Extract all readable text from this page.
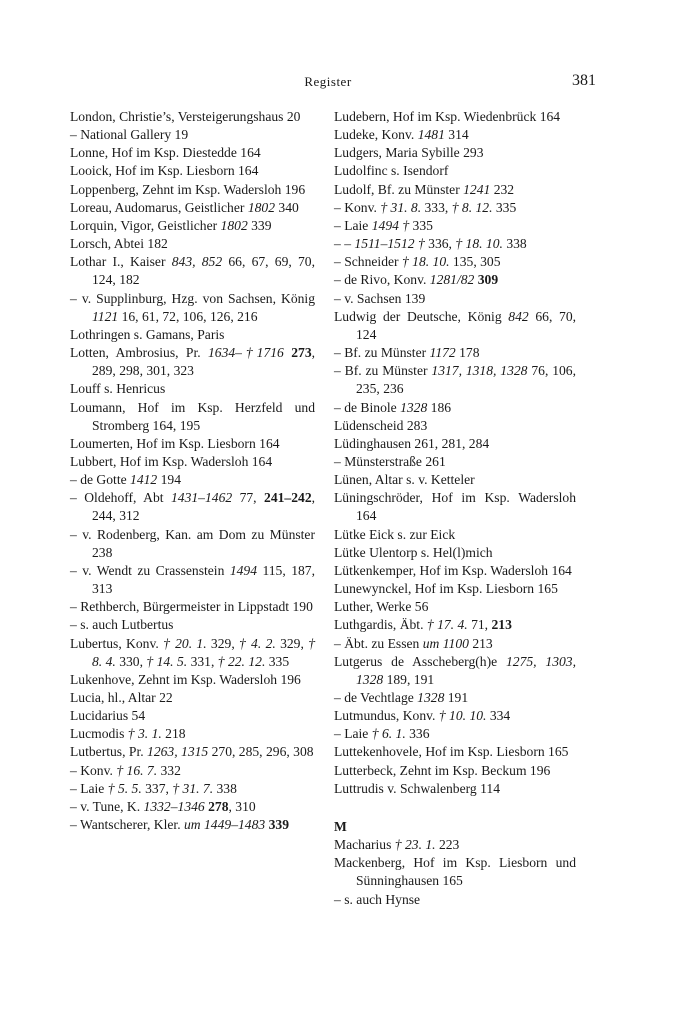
Register	381

London, Christie’s, Versteigerungshaus 20

– National Gallery 19

Lonne, Hof im Ksp. Diestedde 164

Looick, Hof im Ksp. Liesborn 164

Loppenberg, Zehnt im Ksp. Wadersloh 196

Loreau, Audomarus, Geistlicher 1802 340

Lorquin, Vigor, Geistlicher 1802 339

Lorsch, Abtei 182

Lothar I., Kaiser 843, 852 66, 67, 69, 70, 124, 182

– v. Supplinburg, Hzg. von Sachsen, König 1121 16, 61, 72, 106, 126, 216

Lothringen s. Gamans, Paris

Lotten, Ambrosius, Pr. 1634–†1716 273, 289, 298, 301, 323

Louff s. Henricus

Loumann, Hof im Ksp. Herzfeld und Stromberg 164, 195

Loumerten, Hof im Ksp. Liesborn 164

Lubbert, Hof im Ksp. Wadersloh 164

– de Gotte 1412 194

– Oldehoff, Abt 1431–1462 77, 241–242, 244, 312

– v. Rodenberg, Kan. am Dom zu Münster 238

– v. Wendt zu Crassenstein 1494 115, 187, 313

– Rethberch, Bürgermeister in Lippstadt 190

– s. auch Lutbertus

Lubertus, Konv. † 20. 1. 329, † 4. 2. 329, † 8. 4. 330, † 14. 5. 331, † 22. 12. 335

Lukenhove, Zehnt im Ksp. Wadersloh 196

Lucia, hl., Altar 22

Lucidarius 54

Lucmodis † 3. 1. 218

Lutbertus, Pr. 1263, 1315 270, 285, 296, 308

– Konv. † 16. 7. 332

– Laie † 5. 5. 337, † 31. 7. 338

– v. Tune, K. 1332–1346 278, 310

– Wantscherer, Kler. um 1449–1483 339

Ludebern, Hof im Ksp. Wiedenbrück 164

Ludeke, Konv. 1481 314

Ludgers, Maria Sybille 293

Ludolfinc s. Isendorf

Ludolf, Bf. zu Münster 1241 232

– Konv. † 31. 8. 333, † 8. 12. 335

– Laie 1494 † 335

– – 1511–1512 † 336, † 18. 10. 338

– Schneider † 18. 10. 135, 305

– de Rivo, Konv. 1281/82 309

– v. Sachsen 139

Ludwig der Deutsche, König 842 66, 70, 124

– Bf. zu Münster 1172 178

– Bf. zu Münster 1317, 1318, 1328 76, 106, 235, 236

– de Binole 1328 186

Lüdenscheid 283

Lüdinghausen 261, 281, 284

– Münsterstraße 261

Lünen, Altar s. v. Ketteler

Lüningschröder, Hof im Ksp. Wadersloh 164

Lütke Eick s. zur Eick

Lütke Ulentorp s. Hel(l)mich

Lütkenkemper, Hof im Ksp. Wadersloh 164

Lunewynckel, Hof im Ksp. Liesborn 165

Luther, Werke 56

Luthgardis, Äbt. † 17. 4. 71, 213

– Äbt. zu Essen um 1100 213

Lutgerus de Asscheberg(h)e 1275, 1303, 1328 189, 191

– de Vechtlage 1328 191

Lutmundus, Konv. † 10. 10. 334

– Laie † 6. 1. 336

Luttekenhovele, Hof im Ksp. Liesborn 165

Lutterbeck, Zehnt im Ksp. Beckum 196

Luttrudis v. Schwalenberg 114

M

Macharius † 23. 1. 223

Mackenberg, Hof im Ksp. Liesborn und Sünninghausen 165

– s. auch Hynse
